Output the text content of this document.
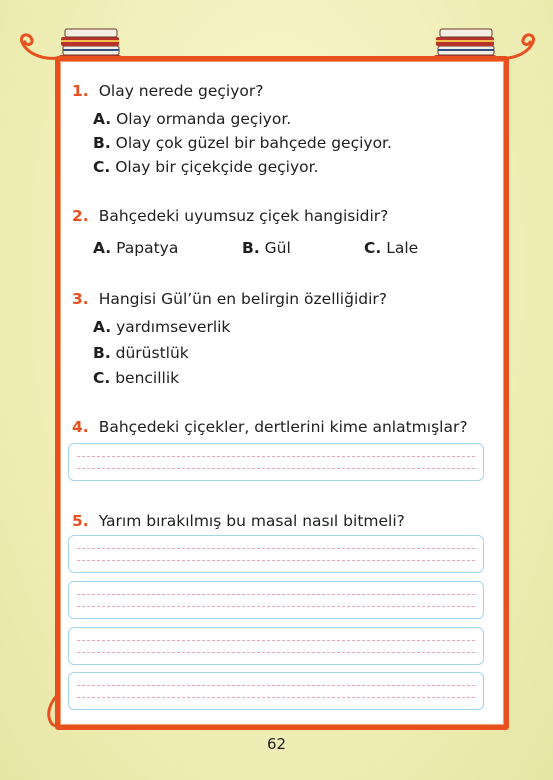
1. Olay nerede geçiyor?
A. Olay ormanda geçiyor.
B. Olay çok güzel bir bahçede geçiyor.
C. Olay bir çiçekçide geçiyor.
2. Bahçedeki uyumsuz çiçek hangisidir?
A. Papatya	B. Gül	C. Lale
3. Hangisi Gül’ün en belirgin özelliğidir?
A. yardımseverlik
B. dürüstlük
C. bencillik
4. Bahçedeki çiçekler, dertlerini kime anlatmışlar?
5. Yarım bırakılmış bu masal nasıl bitmeli?
62
